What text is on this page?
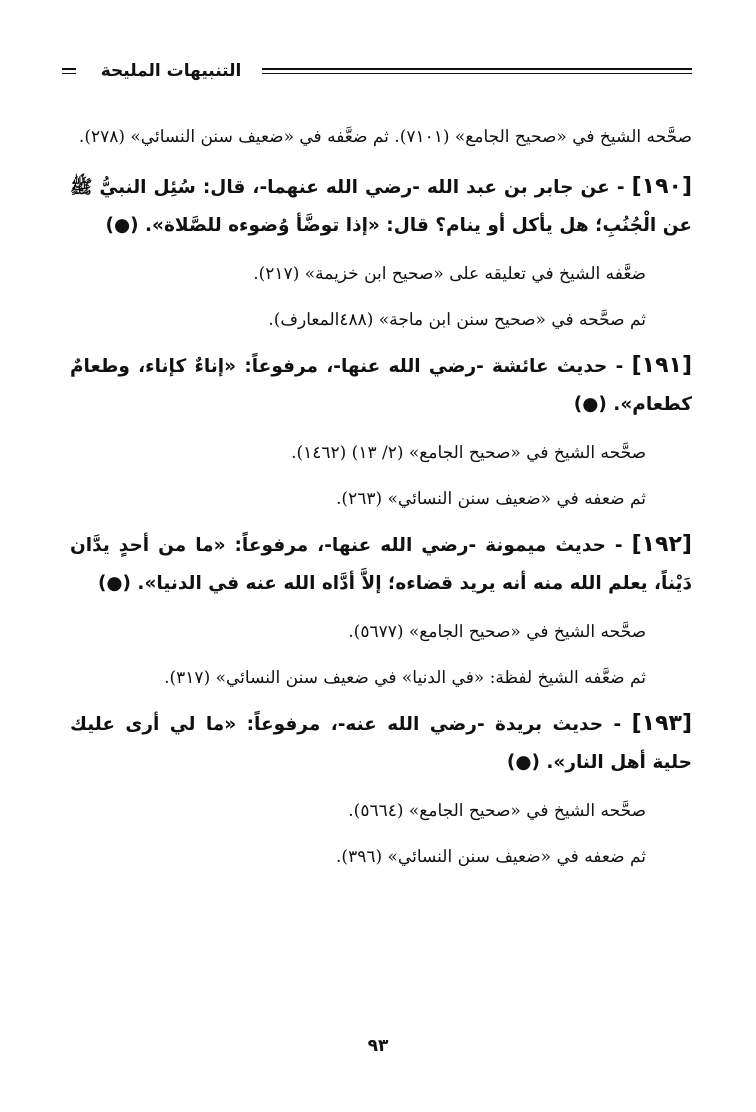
التنبيهات المليحة

صحَّحه الشيخ في «صحيح الجامع» (٧١٠١). ثم ضعَّفه في «ضعيف سنن النسائي» (٢٧٨).

[١٩٠] - عن جابر بن عبد الله -رضي الله عنهما-، قال: سُئِل النبيُّ ﷺ عن الْجُنُبِ؛ هل يأكل أو ينام؟ قال: «إذا توضَّأ وُضوءه للصَّلاة». (●)

ضعَّفه الشيخ في تعليقه على «صحيح ابن خزيمة» (٢١٧).

ثم صحَّحه في «صحيح سنن ابن ماجة» (٤٨٨المعارف).

[١٩١] - حديث عائشة -رضي الله عنها-، مرفوعاً: «إناءٌ كإناء، وطعامٌ كطعام». (●)

صحَّحه الشيخ في «صحيح الجامع» (٢/ ١٣) (١٤٦٢).

ثم ضعفه في «ضعيف سنن النسائي» (٢٦٣).

[١٩٢] - حديث ميمونة -رضي الله عنها-، مرفوعاً: «ما من أحدٍ يدَّان دَيْناً، يعلم الله منه أنه يريد قضاءه؛ إلاَّ أدَّاه الله عنه في الدنيا». (●)

صحَّحه الشيخ في «صحيح الجامع» (٥٦٧٧).

ثم ضعَّفه الشيخ لفظة: «في الدنيا» في ضعيف سنن النسائي» (٣١٧).

[١٩٣] - حديث بريدة -رضي الله عنه-، مرفوعاً: «ما لي أرى عليك حلية أهل النار». (●)

صحَّحه الشيخ في «صحيح الجامع» (٥٦٦٤).

ثم ضعفه في «ضعيف سنن النسائي» (٣٩٦).

٩٣
